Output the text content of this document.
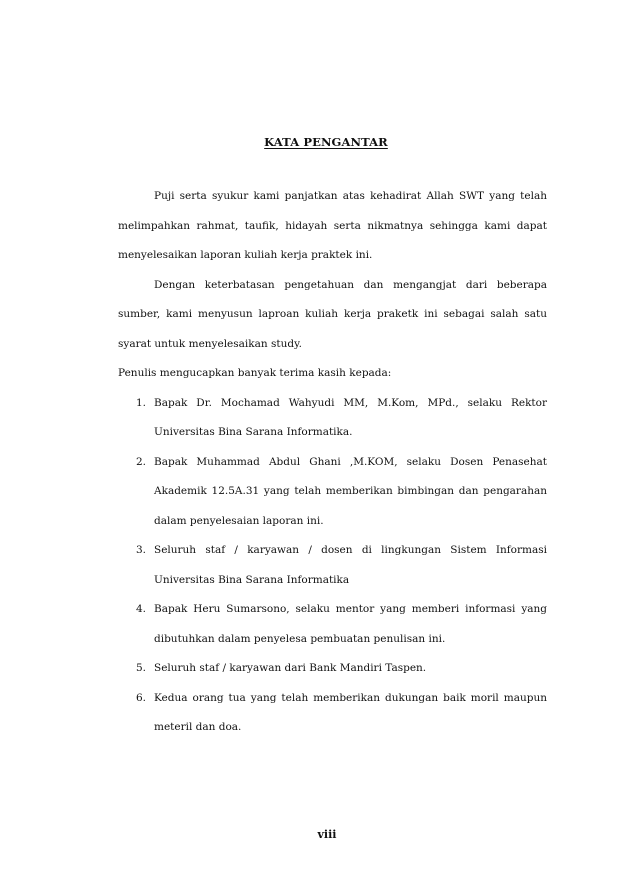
KATA PENGANTAR

Puji serta syukur kami panjatkan atas kehadirat Allah SWT yang telah melimpahkan rahmat, taufik, hidayah serta nikmatnya sehingga kami dapat menyelesaikan laporan kuliah kerja praktek ini.

Dengan keterbatasan pengetahuan dan mengangjat dari beberapa sumber, kami menyusun laproan kuliah kerja praketk ini sebagai salah satu syarat untuk menyelesaikan study.

Penulis mengucapkan banyak terima kasih kepada:

1. Bapak Dr. Mochamad Wahyudi MM, M.Kom, MPd., selaku Rektor Universitas Bina Sarana Informatika.
2. Bapak Muhammad Abdul Ghani ,M.KOM, selaku Dosen Penasehat Akademik 12.5A.31 yang telah memberikan bimbingan dan pengarahan dalam penyelesaian laporan ini.
3. Seluruh staf / karyawan / dosen di lingkungan Sistem Informasi Universitas Bina Sarana Informatika
4. Bapak Heru Sumarsono, selaku mentor yang memberi informasi yang dibutuhkan dalam penyelesa pembuatan penulisan ini.
5. Seluruh staf / karyawan dari Bank Mandiri Taspen.
6. Kedua orang tua yang telah memberikan dukungan baik moril maupun meteril dan doa.
viii
